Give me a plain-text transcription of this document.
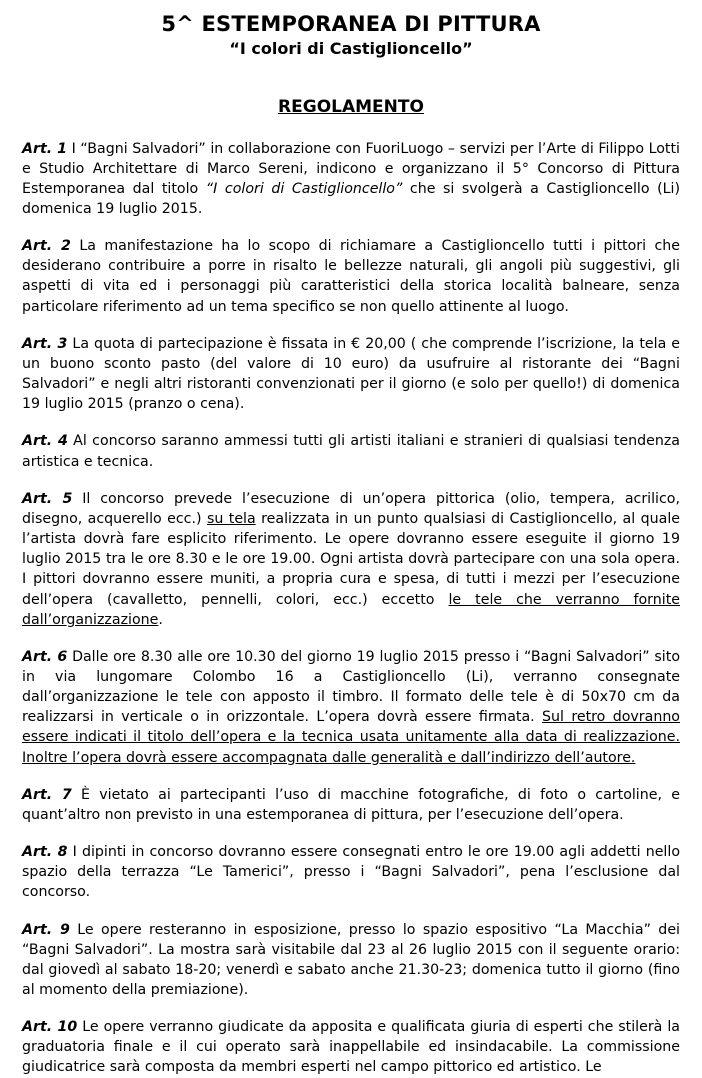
5^ ESTEMPORANEA DI PITTURA
“I colori di Castiglioncello”
REGOLAMENTO

Art. 1 I “Bagni Salvadori” in collaborazione con FuoriLuogo – servizi per l’Arte di Filippo Lotti e Studio Architettare di Marco Sereni, indicono e organizzano il 5° Concorso di Pittura Estemporanea dal titolo “I colori di Castiglioncello” che si svolgerà a Castiglioncello (Li) domenica 19 luglio 2015.

Art. 2 La manifestazione ha lo scopo di richiamare a Castiglioncello tutti i pittori che desiderano contribuire a porre in risalto le bellezze naturali, gli angoli più suggestivi, gli aspetti di vita ed i personaggi più caratteristici della storica località balneare, senza particolare riferimento ad un tema specifico se non quello attinente al luogo.

Art. 3 La quota di partecipazione è fissata in € 20,00 ( che comprende l’iscrizione, la tela e un buono sconto pasto (del valore di 10 euro) da usufruire al ristorante dei “Bagni Salvadori” e negli altri ristoranti convenzionati per il giorno (e solo per quello!) di domenica 19 luglio 2015 (pranzo o cena).

Art. 4 Al concorso saranno ammessi tutti gli artisti italiani e stranieri di qualsiasi tendenza artistica e tecnica.

Art. 5 Il concorso prevede l’esecuzione di un’opera pittorica (olio, tempera, acrilico, disegno, acquerello ecc.) su tela realizzata in un punto qualsiasi di Castiglioncello, al quale l’artista dovrà fare esplicito riferimento. Le opere dovranno essere eseguite il giorno 19 luglio 2015 tra le ore 8.30 e le ore 19.00. Ogni artista dovrà partecipare con una sola opera. I pittori dovranno essere muniti, a propria cura e spesa, di tutti i mezzi per l’esecuzione dell’opera (cavalletto, pennelli, colori, ecc.) eccetto le tele che verranno fornite dall’organizzazione.

Art. 6 Dalle ore 8.30 alle ore 10.30 del giorno 19 luglio 2015 presso i “Bagni Salvadori” sito in via lungomare Colombo 16 a Castiglioncello (Li), verranno consegnate dall’organizzazione le tele con apposto il timbro. Il formato delle tele è di 50x70 cm da realizzarsi in verticale o in orizzontale. L’opera dovrà essere firmata. Sul retro dovranno essere indicati il titolo dell’opera e la tecnica usata unitamente alla data di realizzazione. Inoltre l’opera dovrà essere accompagnata dalle generalità e dall’indirizzo dell’autore.

Art. 7 È vietato ai partecipanti l’uso di macchine fotografiche, di foto o cartoline, e quant’altro non previsto in una estemporanea di pittura, per l’esecuzione dell’opera.

Art. 8 I dipinti in concorso dovranno essere consegnati entro le ore 19.00 agli addetti nello spazio della terrazza “Le Tamerici”, presso i “Bagni Salvadori”, pena l’esclusione dal concorso.

Art. 9 Le opere resteranno in esposizione, presso lo spazio espositivo “La Macchia” dei “Bagni Salvadori”. La mostra sarà visitabile dal 23 al 26 luglio 2015 con il seguente orario: dal giovedì al sabato 18-20; venerdì e sabato anche 21.30-23; domenica tutto il giorno (fino al momento della premiazione).

Art. 10 Le opere verranno giudicate da apposita e qualificata giuria di esperti che stilerà la graduatoria finale e il cui operato sarà inappellabile ed insindacabile. La commissione giudicatrice sarà composta da membri esperti nel campo pittorico ed artistico. Le
